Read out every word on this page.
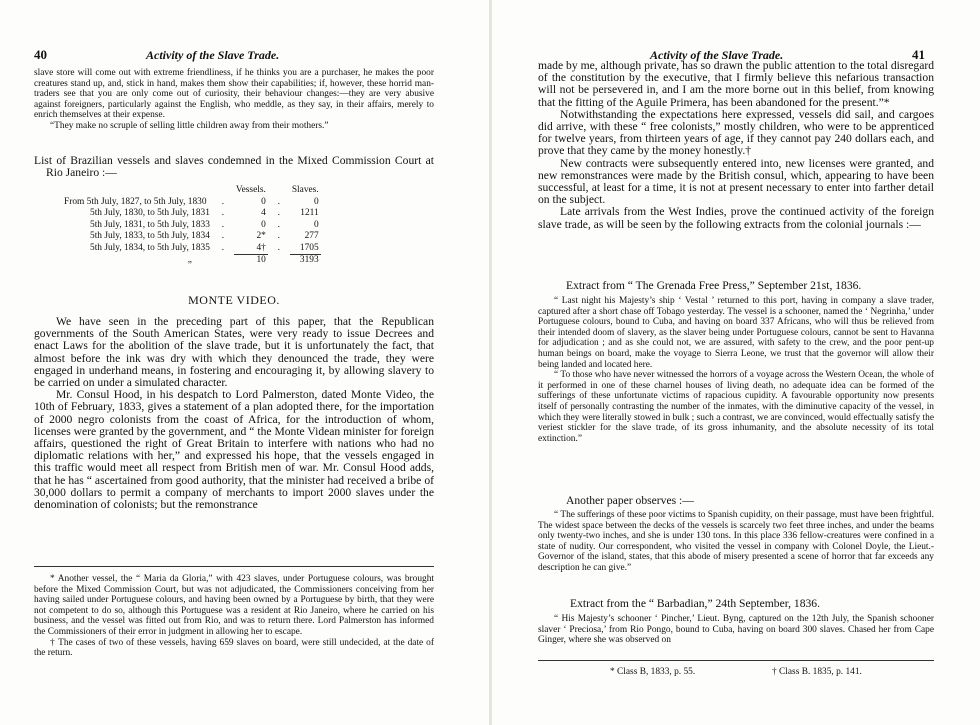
40	Activity of the Slave Trade.

slave store will come out with extreme friendliness, if he thinks you are a purchaser, he makes the poor creatures stand up, and, stick in hand, makes them show their capabilities; if, however, these horrid man-traders see that you are only come out of curiosity, their behaviour changes:—they are very abusive against foreigners, particularly against the English, who meddle, as they say, in their affairs, merely to enrich themselves at their expense.

“They make no scruple of selling little children away from their mothers.”

List of Brazilian vessels and slaves condemned in the Mixed Commission Court at Rio Janeiro :—

		Vessels.		Slaves.
From 5th July, 1827, to 5th July, 1830	.	0	.	0
5th July, 1830, to 5th July, 1831	.	4	.	1211
5th July, 1831, to 5th July, 1833	.	0	.	0
5th July, 1833, to 5th July, 1834	.	2*	.	277
5th July, 1834, to 5th July, 1835	.	4†	.	1705
„		10		3193
MONTE VIDEO.

We have seen in the preceding part of this paper, that the Republican governments of the South American States, were very ready to issue Decrees and enact Laws for the abolition of the slave trade, but it is unfortunately the fact, that almost before the ink was dry with which they denounced the trade, they were engaged in underhand means, in fostering and encouraging it, by allowing slavery to be carried on under a simulated character.

Mr. Consul Hood, in his despatch to Lord Palmerston, dated Monte Video, the 10th of February, 1833, gives a statement of a plan adopted there, for the importation of 2000 negro colonists from the coast of Africa, for the introduction of whom, licenses were granted by the government, and “ the Monte Videan minister for foreign affairs, questioned the right of Great Britain to interfere with nations who had no diplomatic relations with her,” and expressed his hope, that the vessels engaged in this traffic would meet all respect from British men of war. Mr. Consul Hood adds, that he has “ ascertained from good authority, that the minister had received a bribe of 30,000 dollars to permit a company of merchants to import 2000 slaves under the denomination of colonists; but the remonstrance

* Another vessel, the “ Maria da Gloria,” with 423 slaves, under Portuguese colours, was brought before the Mixed Commission Court, but was not adjudicated, the Commissioners conceiving from her having sailed under Portuguese colours, and having been owned by a Portuguese by birth, that they were not competent to do so, although this Portuguese was a resident at Rio Janeiro, where he carried on his business, and the vessel was fitted out from Rio, and was to return there. Lord Palmerston has informed the Commissioners of their error in judgment in allowing her to escape.

† The cases of two of these vessels, having 659 slaves on board, were still undecided, at the date of the return.

Activity of the Slave Trade.	41

made by me, although private, has so drawn the public attention to the total disregard of the constitution by the executive, that I firmly believe this nefarious transaction will not be persevered in, and I am the more borne out in this belief, from knowing that the fitting of the Aguile Primera, has been abandoned for the present.”*

Notwithstanding the expectations here expressed, vessels did sail, and cargoes did arrive, with these “ free colonists,” mostly children, who were to be apprenticed for twelve years, from thirteen years of age, if they cannot pay 240 dollars each, and prove that they came by the money honestly.†

New contracts were subsequently entered into, new licenses were granted, and new remonstrances were made by the British consul, which, appearing to have been successful, at least for a time, it is not at present necessary to enter into farther detail on the subject.

Late arrivals from the West Indies, prove the continued activity of the foreign slave trade, as will be seen by the following extracts from the colonial journals :—

Extract from “ The Grenada Free Press,” September 21st, 1836.

“ Last night his Majesty’s ship ‘ Vestal ’ returned to this port, having in company a slave trader, captured after a short chase off Tobago yesterday. The vessel is a schooner, named the ‘ Negrinha,’ under Portuguese colours, bound to Cuba, and having on board 337 Africans, who will thus be relieved from their intended doom of slavery, as the slaver being under Portuguese colours, cannot be sent to Havanna for adjudication ; and as she could not, we are assured, with safety to the crew, and the poor pent-up human beings on board, make the voyage to Sierra Leone, we trust that the governor will allow their being landed and located here.

“ To those who have never witnessed the horrors of a voyage across the Western Ocean, the whole of it performed in one of these charnel houses of living death, no adequate idea can be formed of the sufferings of these unfortunate victims of rapacious cupidity. A favourable opportunity now presents itself of personally contrasting the number of the inmates, with the diminutive capacity of the vessel, in which they were literally stowed in bulk ; such a contrast, we are convinced, would effectually satisfy the veriest stickler for the slave trade, of its gross inhumanity, and the absolute necessity of its total extinction.”

Another paper observes :—

“ The sufferings of these poor victims to Spanish cupidity, on their passage, must have been frightful. The widest space between the decks of the vessels is scarcely two feet three inches, and under the beams only twenty-two inches, and she is under 130 tons. In this place 336 fellow-creatures were confined in a state of nudity. Our correspondent, who visited the vessel in company with Colonel Doyle, the Lieut.-Governor of the island, states, that this abode of misery presented a scene of horror that far exceeds any description he can give.”

Extract from the “ Barbadian,” 24th September, 1836.

“ His Majesty’s schooner ‘ Pincher,’ Lieut. Byng, captured on the 12th July, the Spanish schooner slaver ‘ Preciosa,’ from Rio Pongo, bound to Cuba, having on board 300 slaves. Chased her from Cape Ginger, where she was observed on

* Class B, 1833, p. 55.	† Class B. 1835, p. 141.
